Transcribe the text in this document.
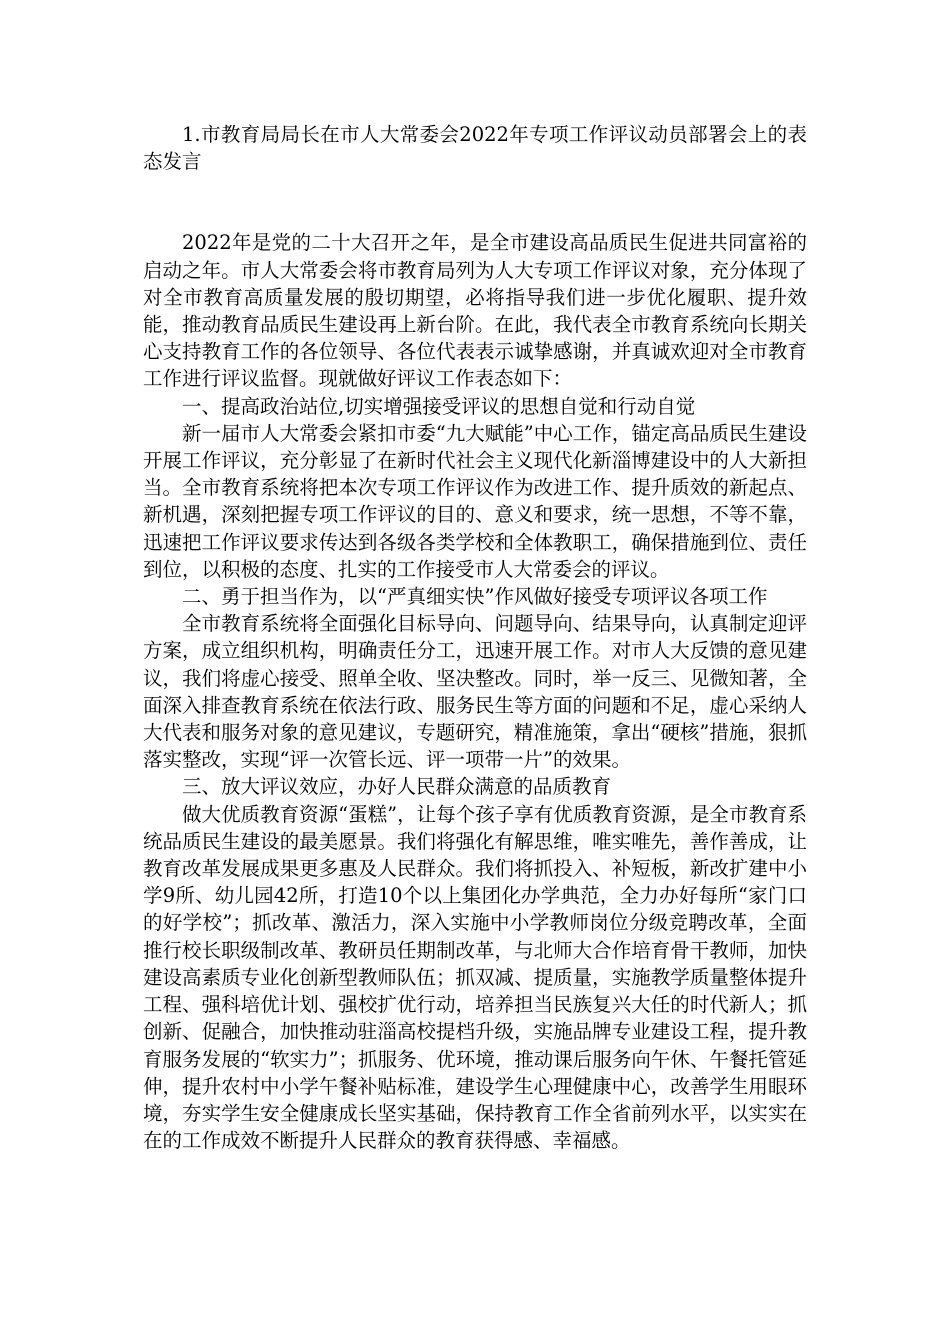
1.市教育局局长在市人大常委会2022年专项工作评议动员部署会上的表态发言

2022年是党的二十大召开之年，是全市建设高品质民生促进共同富裕的启动之年。市人大常委会将市教育局列为人大专项工作评议对象，充分体现了对全市教育高质量发展的殷切期望，必将指导我们进一步优化履职、提升效能，推动教育品质民生建设再上新台阶。在此，我代表全市教育系统向长期关心支持教育工作的各位领导、各位代表表示诚挚感谢，并真诚欢迎对全市教育工作进行评议监督。现就做好评议工作表态如下：

一、提高政治站位,切实增强接受评议的思想自觉和行动自觉

新一届市人大常委会紧扣市委“九大赋能”中心工作，锚定高品质民生建设开展工作评议，充分彰显了在新时代社会主义现代化新淄博建设中的人大新担当。全市教育系统将把本次专项工作评议作为改进工作、提升质效的新起点、新机遇，深刻把握专项工作评议的目的、意义和要求，统一思想，不等不靠，迅速把工作评议要求传达到各级各类学校和全体教职工，确保措施到位、责任到位，以积极的态度、扎实的工作接受市人大常委会的评议。

二、勇于担当作为，以“严真细实快”作风做好接受专项评议各项工作

全市教育系统将全面强化目标导向、问题导向、结果导向，认真制定迎评方案，成立组织机构，明确责任分工，迅速开展工作。对市人大反馈的意见建议，我们将虚心接受、照单全收、坚决整改。同时，举一反三、见微知著，全面深入排查教育系统在依法行政、服务民生等方面的问题和不足，虚心采纳人大代表和服务对象的意见建议，专题研究，精准施策，拿出“硬核”措施，狠抓落实整改，实现“评一次管长远、评一项带一片”的效果。

三、放大评议效应，办好人民群众满意的品质教育

做大优质教育资源“蛋糕”，让每个孩子享有优质教育资源，是全市教育系统品质民生建设的最美愿景。我们将强化有解思维，唯实唯先，善作善成，让教育改革发展成果更多惠及人民群众。我们将抓投入、补短板，新改扩建中小学9所、幼儿园42所，打造10个以上集团化办学典范，全力办好每所“家门口的好学校”；抓改革、激活力，深入实施中小学教师岗位分级竞聘改革，全面推行校长职级制改革、教研员任期制改革，与北师大合作培育骨干教师，加快建设高素质专业化创新型教师队伍；抓双减、提质量，实施教学质量整体提升工程、强科培优计划、强校扩优行动，培养担当民族复兴大任的时代新人；抓创新、促融合，加快推动驻淄高校提档升级，实施品牌专业建设工程，提升教育服务发展的“软实力”；抓服务、优环境，推动课后服务向午休、午餐托管延伸，提升农村中小学午餐补贴标准，建设学生心理健康中心，改善学生用眼环境，夯实学生安全健康成长坚实基础，保持教育工作全省前列水平，以实实在在的工作成效不断提升人民群众的教育获得感、幸福感。
